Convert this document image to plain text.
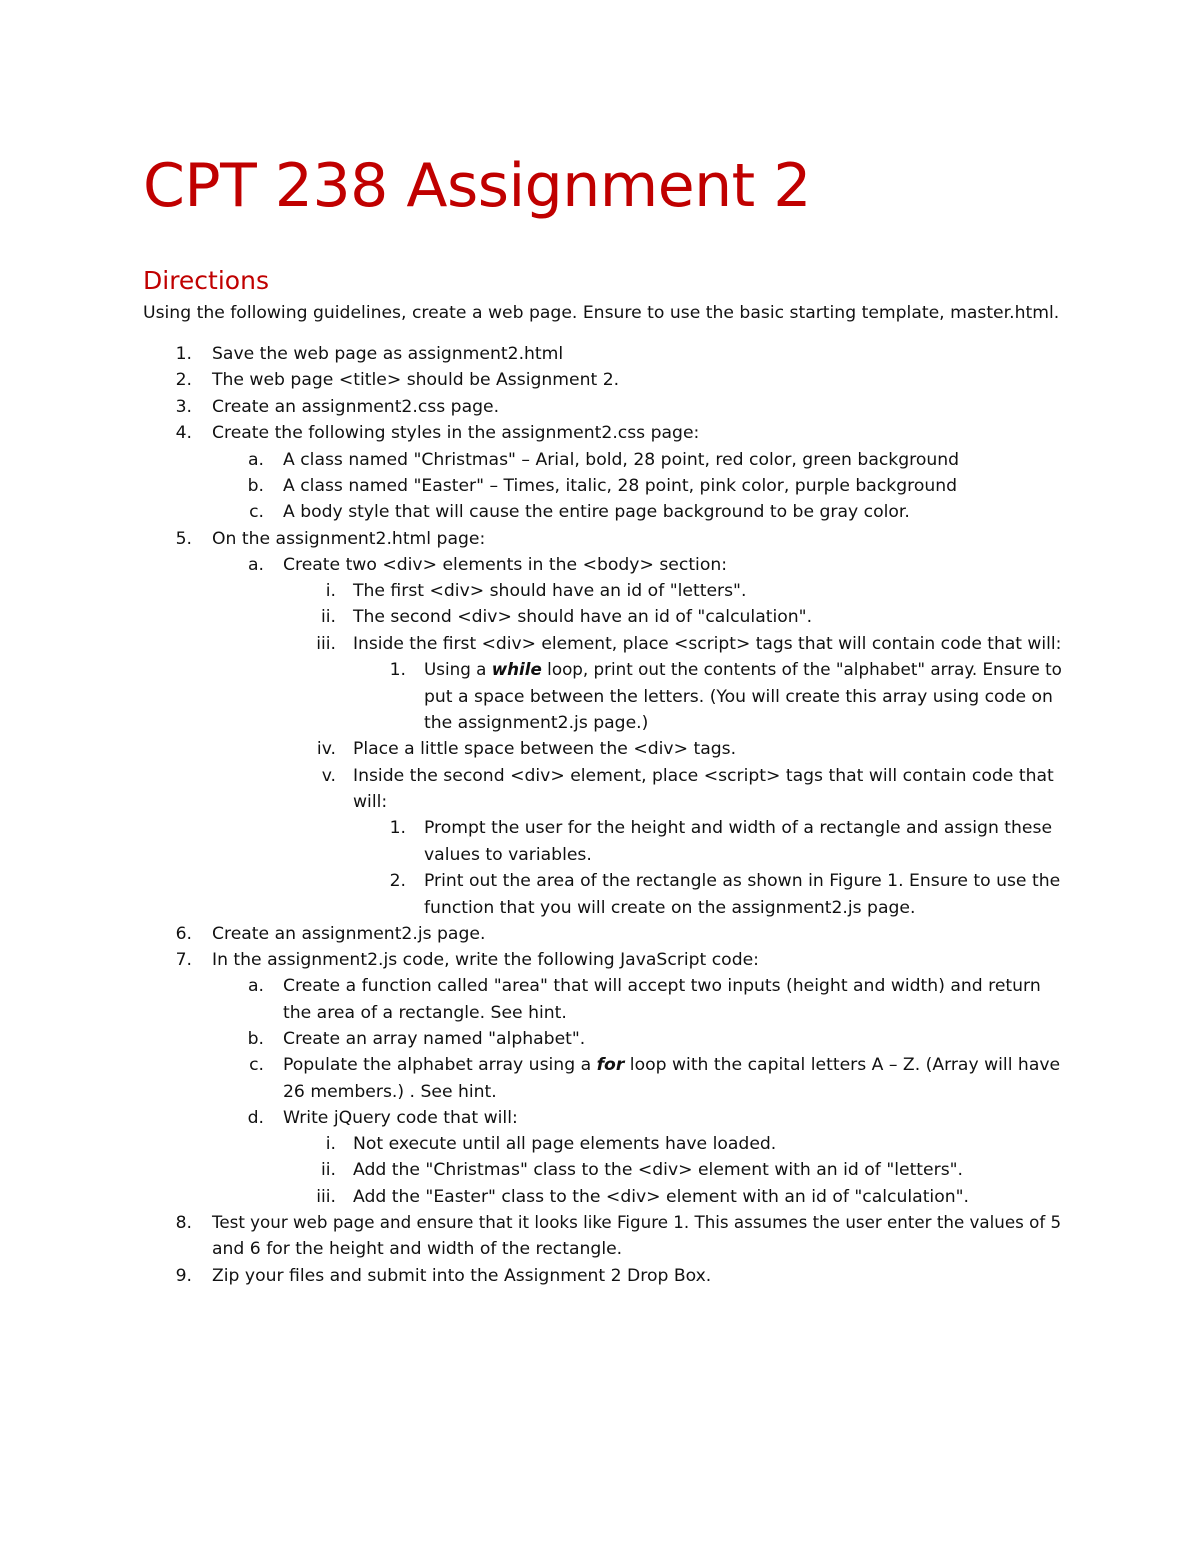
CPT 238 Assignment 2
Directions
Using the following guidelines, create a web page. Ensure to use the basic starting template, master.html.
1. Save the web page as assignment2.html
2. The web page <title> should be Assignment 2.
3. Create an assignment2.css page.
4. Create the following styles in the assignment2.css page:
a. A class named "Christmas" – Arial, bold, 28 point, red color, green background
b. A class named "Easter" – Times, italic, 28 point, pink color, purple background
c. A body style that will cause the entire page background to be gray color.
5. On the assignment2.html page:
a. Create two <div> elements in the <body> section:
i. The first <div> should have an id of "letters".
ii. The second <div> should have an id of "calculation".
iii. Inside the first <div> element, place <script> tags that will contain code that will:
1. Using a while loop, print out the contents of the "alphabet" array. Ensure to
put a space between the letters. (You will create this array using code on
the assignment2.js page.)
iv. Place a little space between the <div> tags.
v. Inside the second <div> element, place <script> tags that will contain code that
will:
1. Prompt the user for the height and width of a rectangle and assign these
values to variables.
2. Print out the area of the rectangle as shown in Figure 1. Ensure to use the
function that you will create on the assignment2.js page.
6. Create an assignment2.js page.
7. In the assignment2.js code, write the following JavaScript code:
a. Create a function called "area" that will accept two inputs (height and width) and return
the area of a rectangle. See hint.
b. Create an array named "alphabet".
c. Populate the alphabet array using a for loop with the capital letters A – Z. (Array will have
26 members.) . See hint.
d. Write jQuery code that will:
i. Not execute until all page elements have loaded.
ii. Add the "Christmas" class to the <div> element with an id of "letters".
iii. Add the "Easter" class to the <div> element with an id of "calculation".
8. Test your web page and ensure that it looks like Figure 1. This assumes the user enter the values of 5
and 6 for the height and width of the rectangle.
9. Zip your files and submit into the Assignment 2 Drop Box.
